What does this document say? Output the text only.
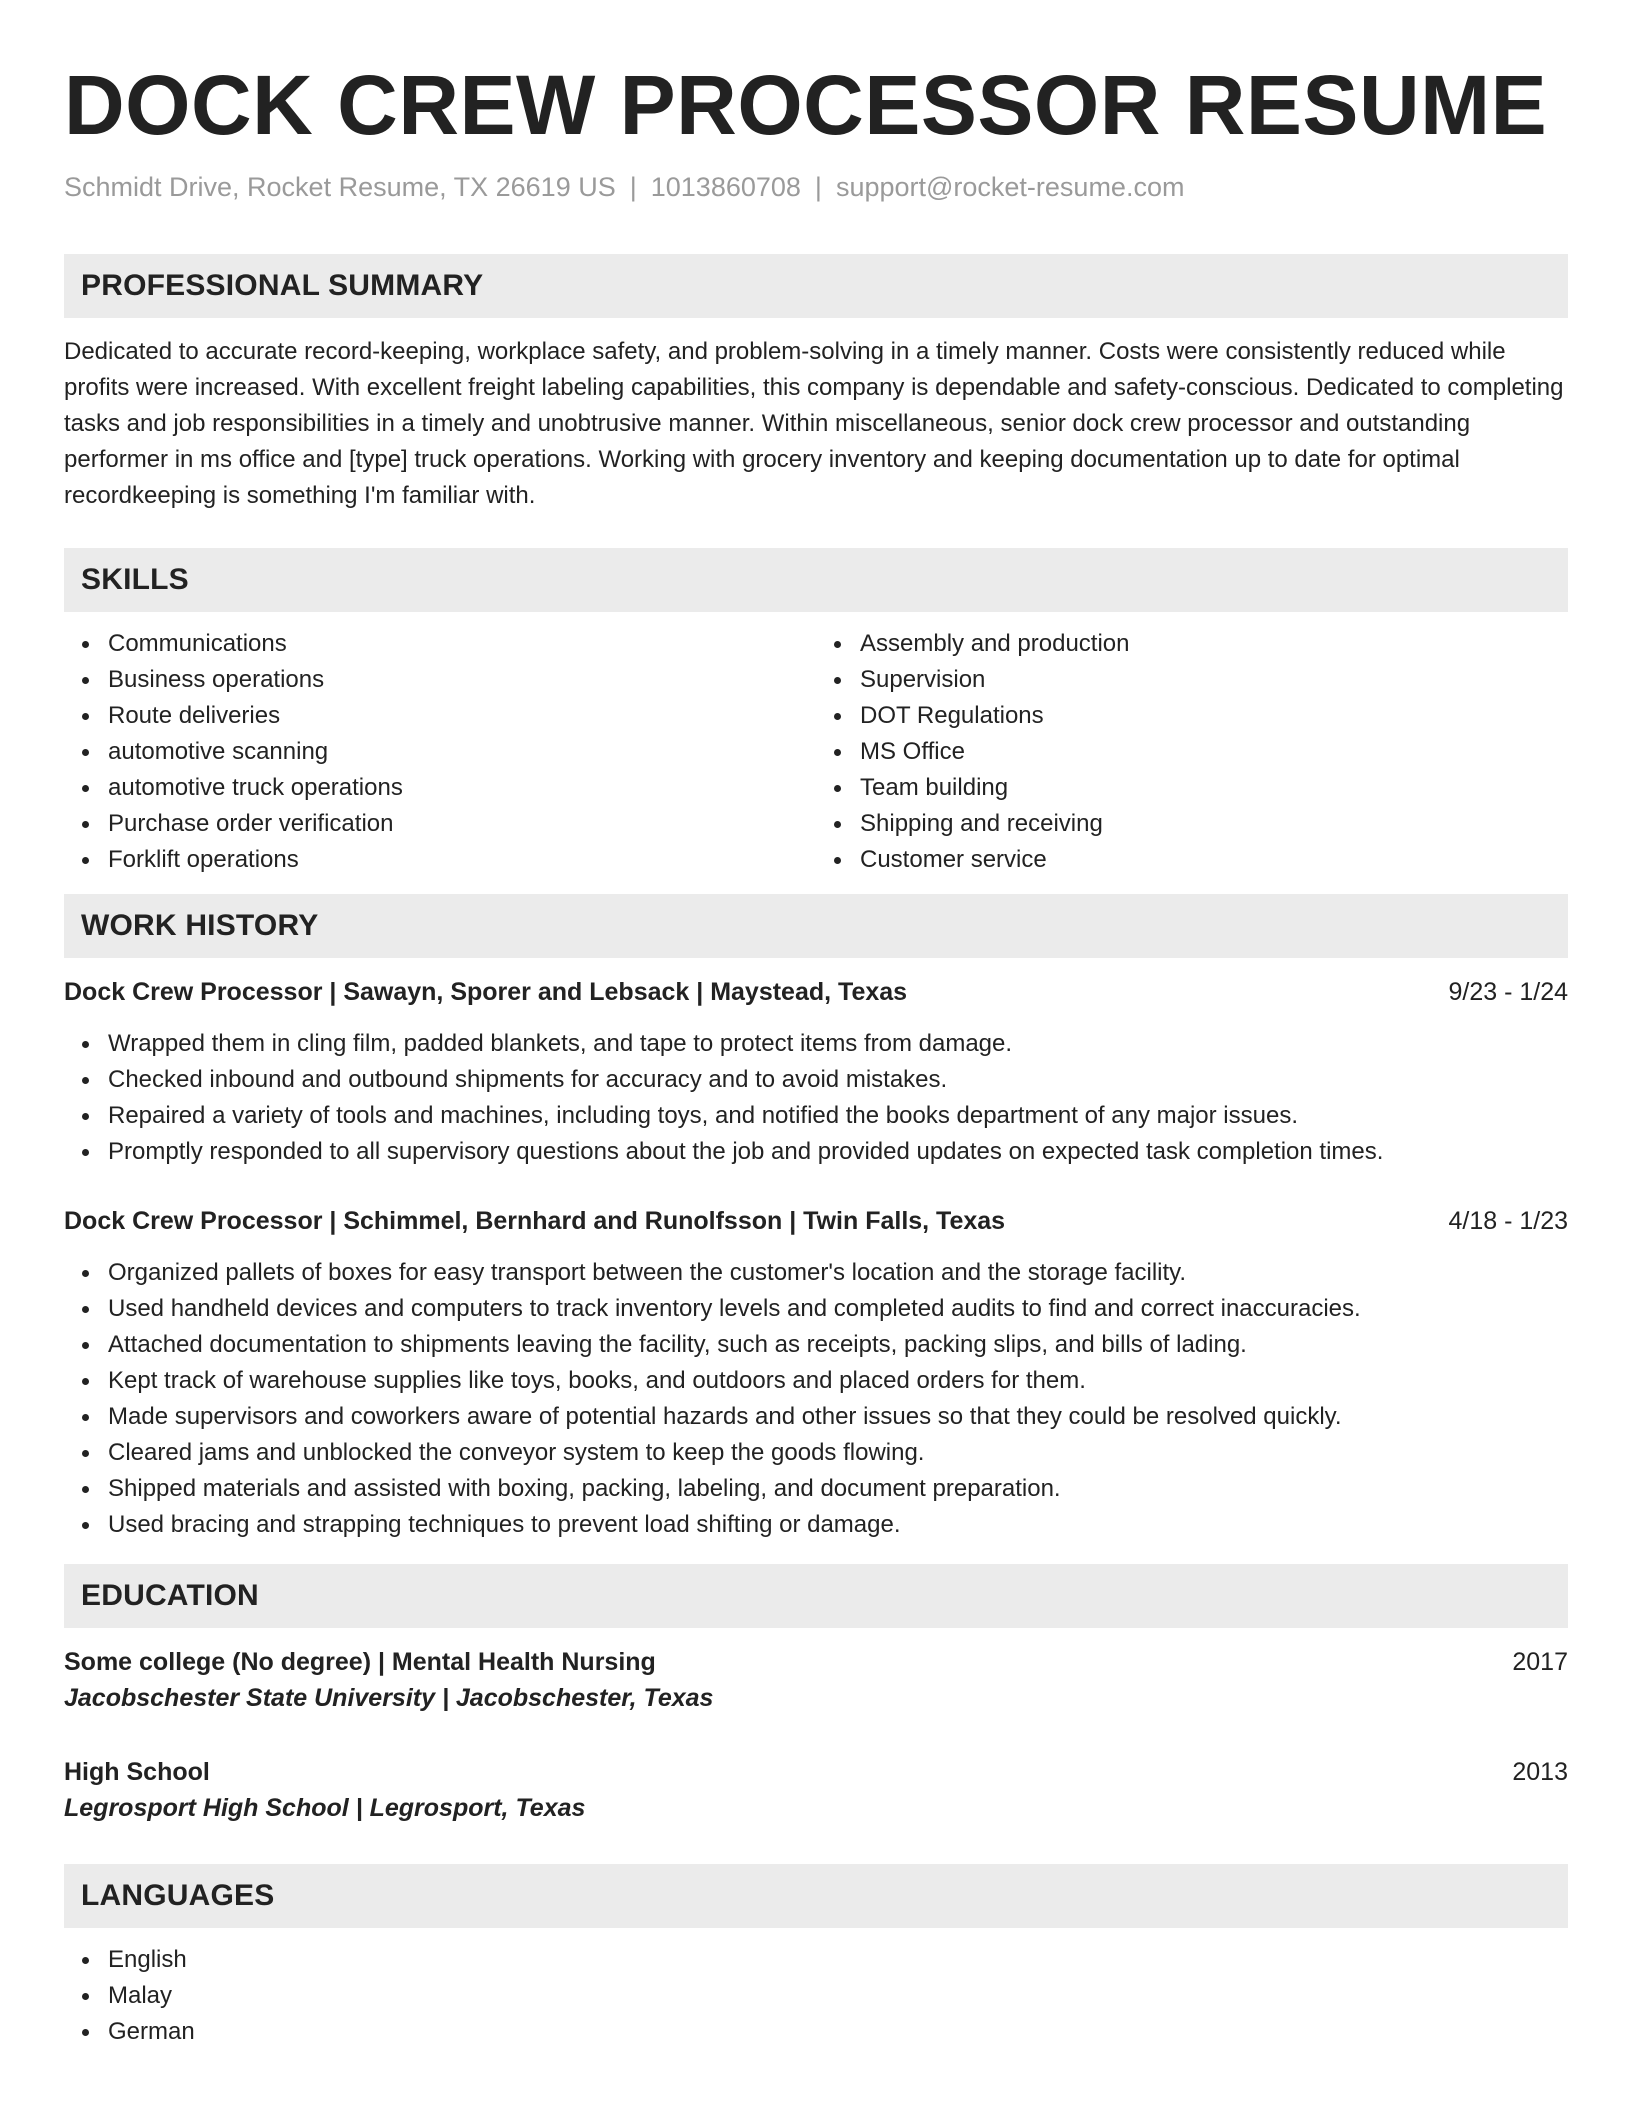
DOCK CREW PROCESSOR RESUME
Schmidt Drive, Rocket Resume, TX 26619 US | 1013860708 | support@rocket-resume.com
PROFESSIONAL SUMMARY

Dedicated to accurate record-keeping, workplace safety, and problem-solving in a timely manner. Costs were consistently reduced while profits were increased. With excellent freight labeling capabilities, this company is dependable and safety-conscious. Dedicated to completing tasks and job responsibilities in a timely and unobtrusive manner. Within miscellaneous, senior dock crew processor and outstanding performer in ms office and [type] truck operations. Working with grocery inventory and keeping documentation up to date for optimal recordkeeping is something I'm familiar with.

SKILLS
Communications
Business operations
Route deliveries
automotive scanning
automotive truck operations
Purchase order verification
Forklift operations
Assembly and production
Supervision
DOT Regulations
MS Office
Team building
Shipping and receiving
Customer service
WORK HISTORY
Dock Crew Processor | Sawayn, Sporer and Lebsack | Maystead, Texas	9/23 - 1/24
Wrapped them in cling film, padded blankets, and tape to protect items from damage.
Checked inbound and outbound shipments for accuracy and to avoid mistakes.
Repaired a variety of tools and machines, including toys, and notified the books department of any major issues.
Promptly responded to all supervisory questions about the job and provided updates on expected task completion times.
Dock Crew Processor | Schimmel, Bernhard and Runolfsson | Twin Falls, Texas	4/18 - 1/23
Organized pallets of boxes for easy transport between the customer's location and the storage facility.
Used handheld devices and computers to track inventory levels and completed audits to find and correct inaccuracies.
Attached documentation to shipments leaving the facility, such as receipts, packing slips, and bills of lading.
Kept track of warehouse supplies like toys, books, and outdoors and placed orders for them.
Made supervisors and coworkers aware of potential hazards and other issues so that they could be resolved quickly.
Cleared jams and unblocked the conveyor system to keep the goods flowing.
Shipped materials and assisted with boxing, packing, labeling, and document preparation.
Used bracing and strapping techniques to prevent load shifting or damage.
EDUCATION
Some college (No degree) | Mental Health Nursing	2017
Jacobschester State University | Jacobschester, Texas
High School	2013
Legrosport High School | Legrosport, Texas
LANGUAGES
English
Malay
German
